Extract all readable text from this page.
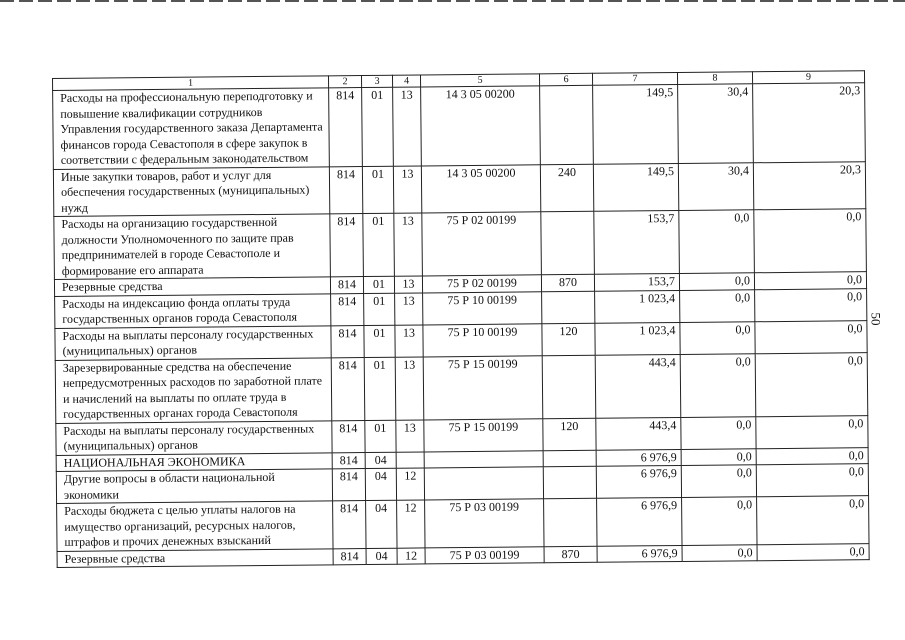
50
1	2	3	4	5	6	7	8	9
Расходы на профессиональную переподготовку и повышение квалификации сотрудников Управления государственного заказа Департамента финансов города Севастополя в сфере закупок в соответствии с федеральным законодательством	814	01	13	14 3 05 00200		149,5	30,4	20,3
Иные закупки товаров, работ и услуг для обеспечения государственных (муниципальных) нужд	814	01	13	14 3 05 00200	240	149,5	30,4	20,3
Расходы на организацию государственной должности Уполномоченного по защите прав предпринимателей в городе Севастополе и формирование его аппарата	814	01	13	75 Р 02 00199		153,7	0,0	0,0
Резервные средства	814	01	13	75 Р 02 00199	870	153,7	0,0	0,0
Расходы на индексацию фонда оплаты труда государственных органов города Севастополя	814	01	13	75 Р 10 00199		1 023,4	0,0	0,0
Расходы на выплаты персоналу государственных (муниципальных) органов	814	01	13	75 Р 10 00199	120	1 023,4	0,0	0,0
Зарезервированные средства на обеспечение непредусмотренных расходов по заработной плате и начислений на выплаты по оплате труда в государственных органах города Севастополя	814	01	13	75 Р 15 00199		443,4	0,0	0,0
Расходы на выплаты персоналу государственных (муниципальных) органов	814	01	13	75 Р 15 00199	120	443,4	0,0	0,0
НАЦИОНАЛЬНАЯ ЭКОНОМИКА	814	04				6 976,9	0,0	0,0
Другие вопросы в области национальной экономики	814	04	12			6 976,9	0,0	0,0
Расходы бюджета с целью уплаты налогов на имущество организаций, ресурсных налогов, штрафов и прочих денежных взысканий	814	04	12	75 Р 03 00199		6 976,9	0,0	0,0
Резервные средства	814	04	12	75 Р 03 00199	870	6 976,9	0,0	0,0
